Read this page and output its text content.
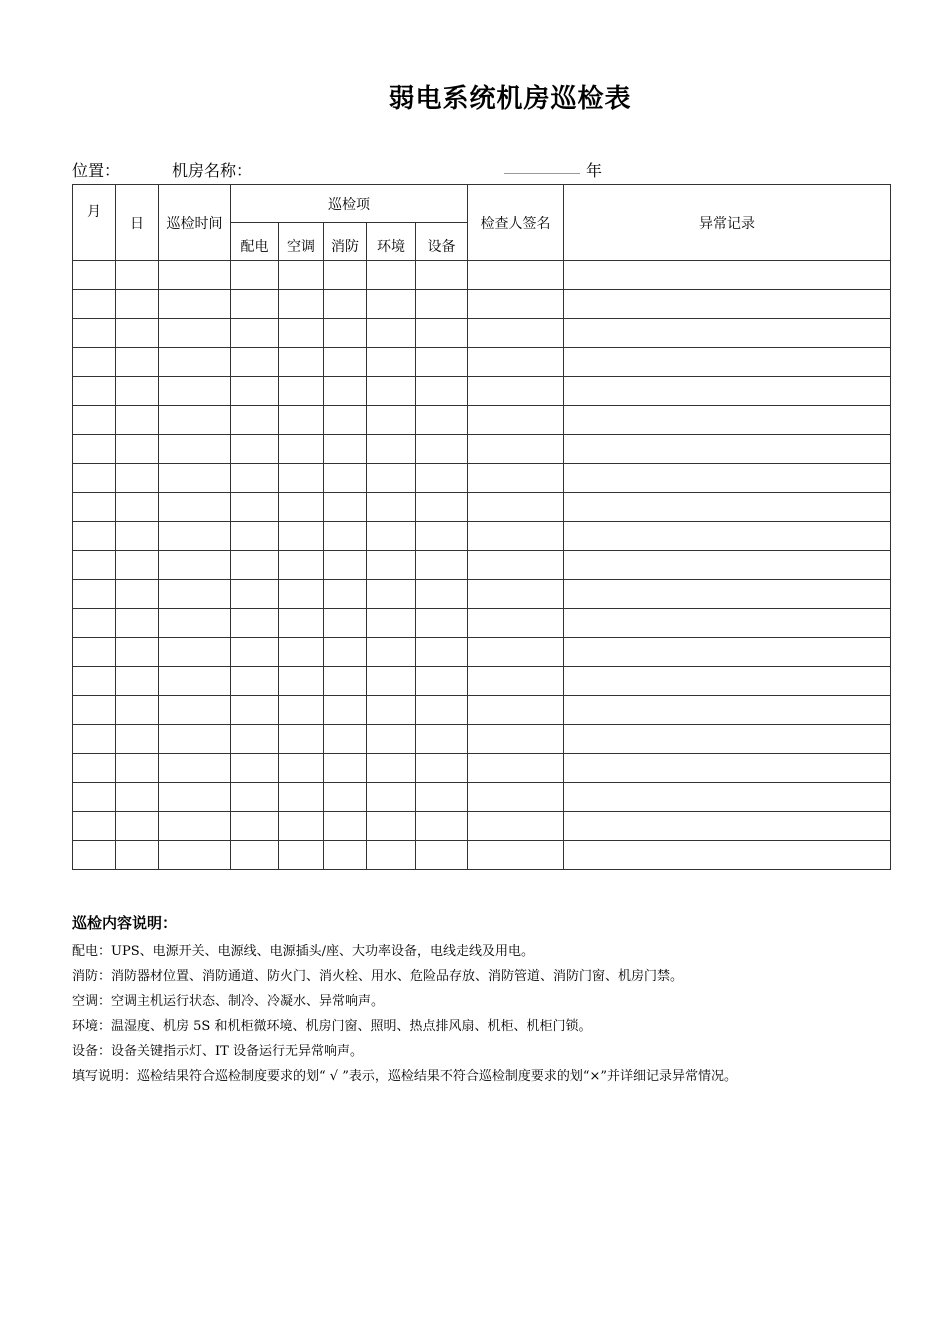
弱电系统机房巡检表
位置：	机房名称：	年
月	日	巡检时间	巡检项					检查人签名	异常记录
			配电	空调	消防	环境	设备		

巡检内容说明：
配电：UPS、电源开关、电源线、电源插头/座、大功率设备，电线走线及用电。
消防：消防器材位置、消防通道、防火门、消火栓、用水、危险品存放、消防管道、消防门窗、机房门禁。
空调：空调主机运行状态、制冷、冷凝水、异常响声。
环境：温湿度、机房 5S 和机柜微环境、机房门窗、照明、热点排风扇、机柜、机柜门锁。
设备：设备关键指示灯、IT 设备运行无异常响声。
填写说明：巡检结果符合巡检制度要求的划“ √ ”表示，巡检结果不符合巡检制度要求的划“×”并详细记录异常情况。
